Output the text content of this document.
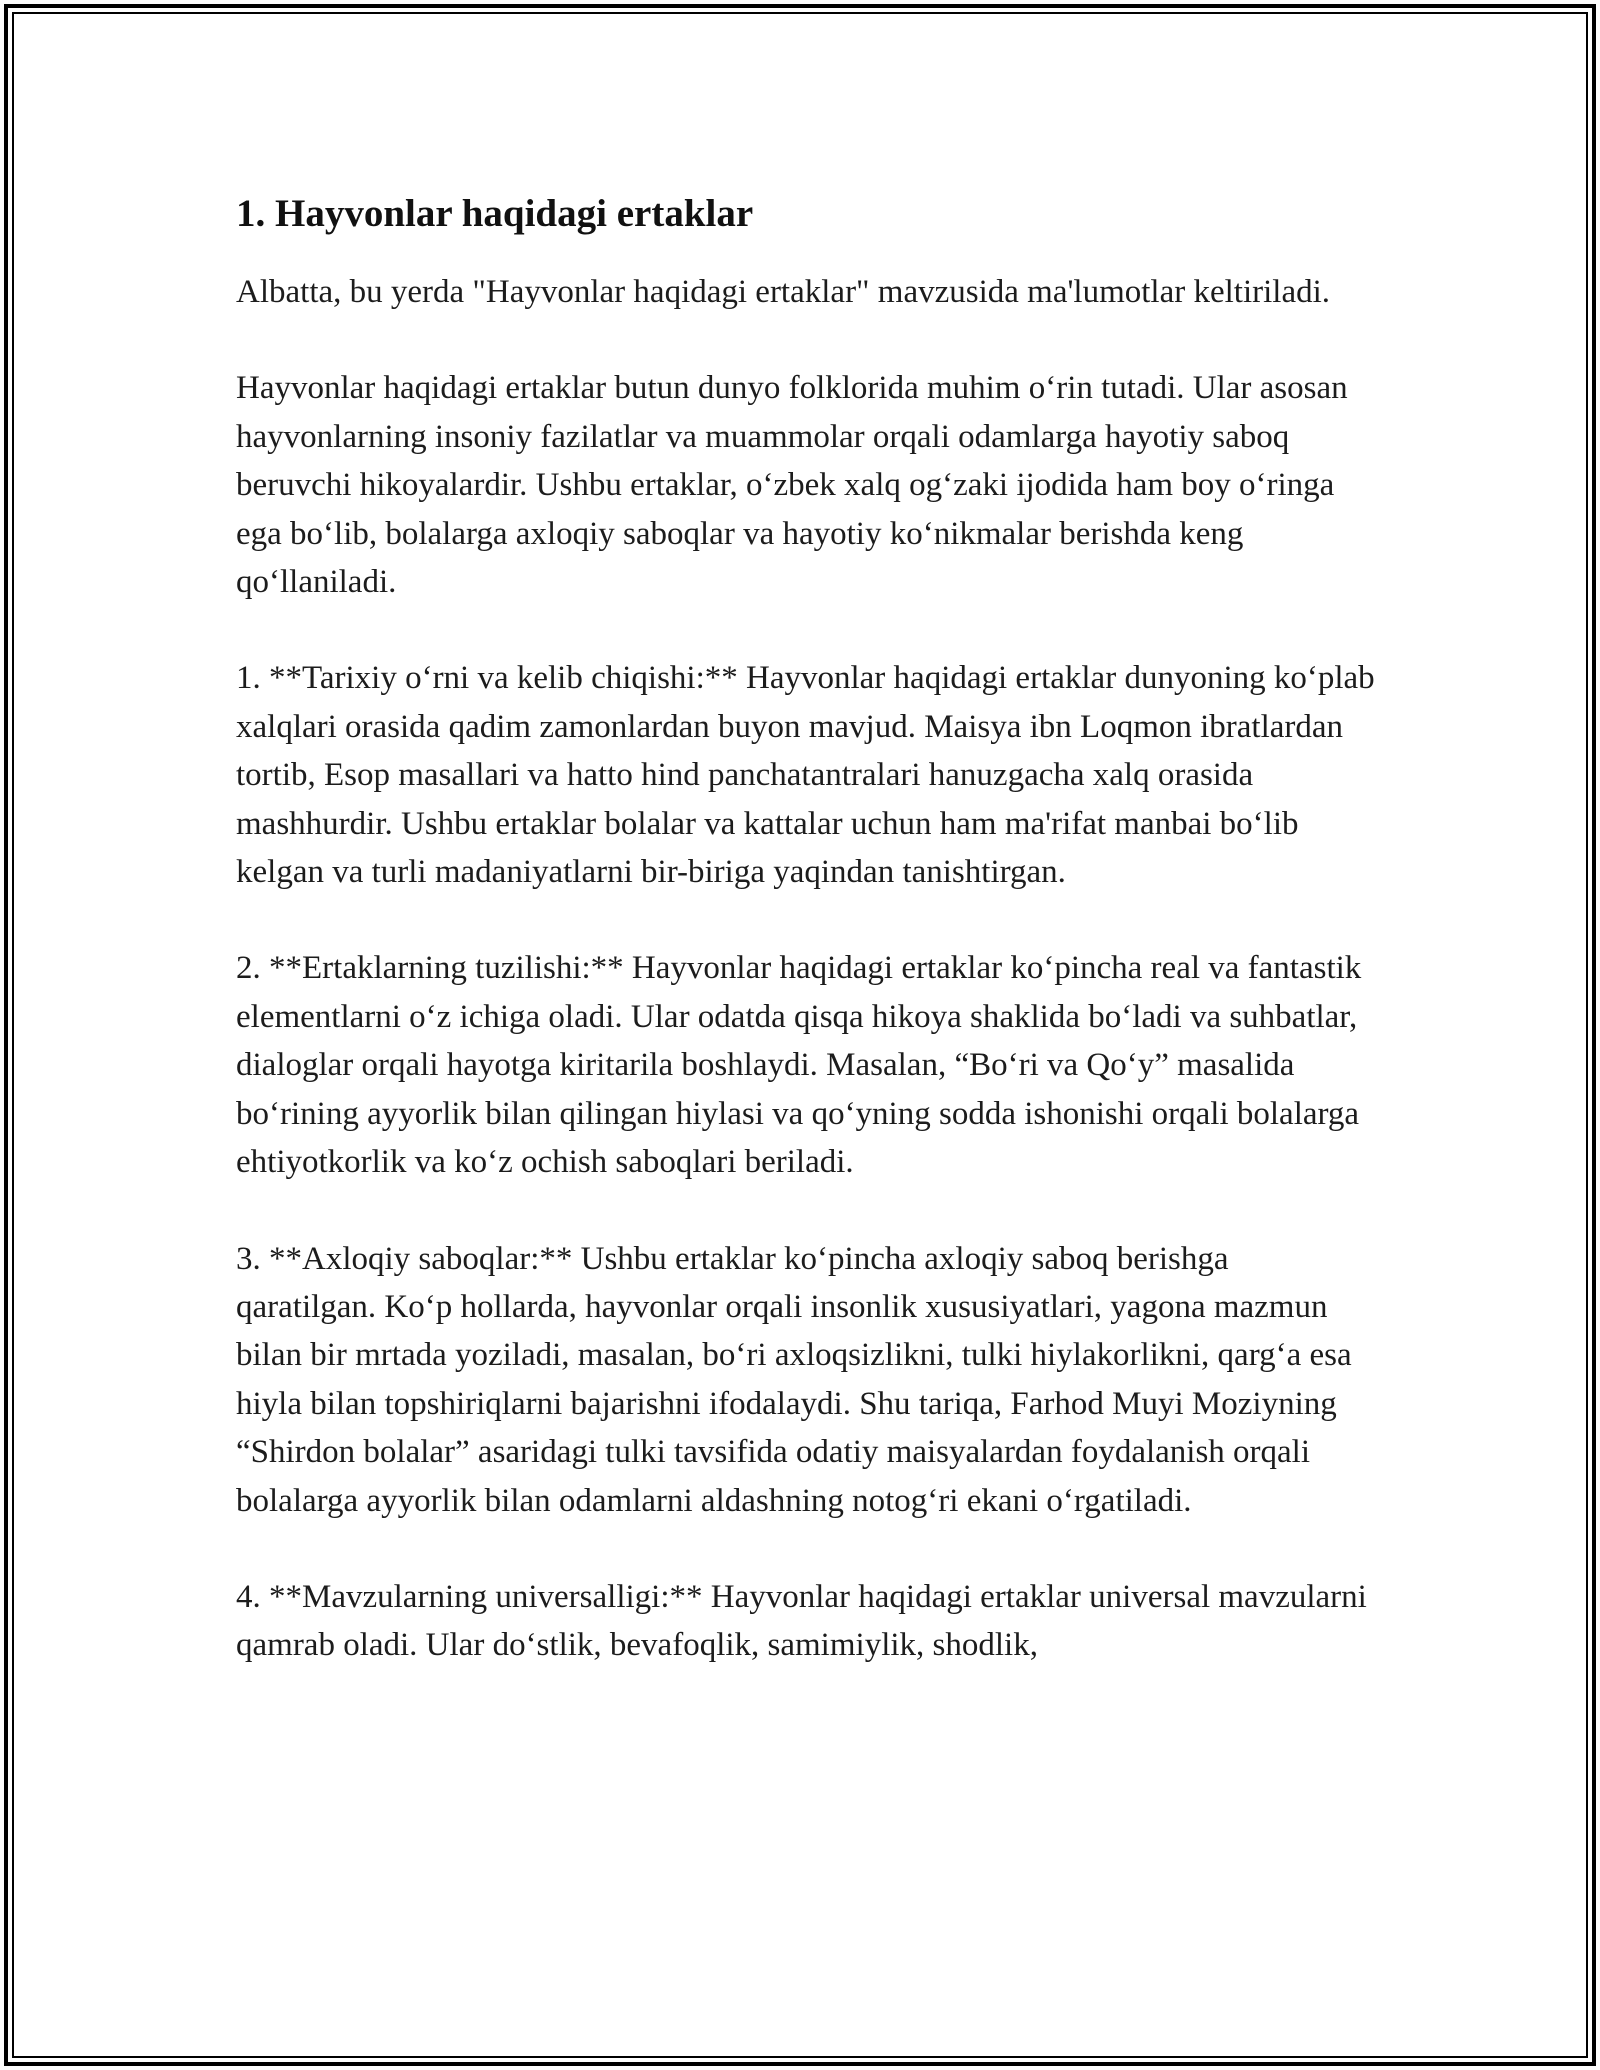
1. Hayvonlar haqidagi ertaklar

Albatta, bu yerda "Hayvonlar haqidagi ertaklar" mavzusida ma'lumotlar keltiriladi.

Hayvonlar haqidagi ertaklar butun dunyo folklorida muhim o‘rin tutadi. Ular asosan hayvonlarning insoniy fazilatlar va muammolar orqali odamlarga hayotiy saboq beruvchi hikoyalardir. Ushbu ertaklar, o‘zbek xalq og‘zaki ijodida ham boy o‘ringa ega bo‘lib, bolalarga axloqiy saboqlar va hayotiy ko‘nikmalar berishda keng qo‘llaniladi.

1. **Tarixiy o‘rni va kelib chiqishi:** Hayvonlar haqidagi ertaklar dunyoning ko‘plab xalqlari orasida qadim zamonlardan buyon mavjud. Maisya ibn Loqmon ibratlardan tortib, Esop masallari va hatto hind panchatantralari hanuzgacha xalq orasida mashhurdir. Ushbu ertaklar bolalar va kattalar uchun ham ma'rifat manbai bo‘lib kelgan va turli madaniyatlarni bir-biriga yaqindan tanishtirgan.

2. **Ertaklarning tuzilishi:** Hayvonlar haqidagi ertaklar ko‘pincha real va fantastik elementlarni o‘z ichiga oladi. Ular odatda qisqa hikoya shaklida bo‘ladi va suhbatlar, dialoglar orqali hayotga kiritarila boshlaydi. Masalan, “Bo‘ri va Qo‘y” masalida bo‘rining ayyorlik bilan qilingan hiylasi va qo‘yning sodda ishonishi orqali bolalarga ehtiyotkorlik va ko‘z ochish saboqlari beriladi.

3. **Axloqiy saboqlar:** Ushbu ertaklar ko‘pincha axloqiy saboq berishga qaratilgan. Ko‘p hollarda, hayvonlar orqali insonlik xususiyatlari, yagona mazmun bilan bir mrtada yoziladi, masalan, bo‘ri axloqsizlikni, tulki hiylakorlikni, qarg‘a esa hiyla bilan topshiriqlarni bajarishni ifodalaydi. Shu tariqa, Farhod Muyi Moziyning “Shirdon bolalar” asaridagi tulki tavsifida odatiy maisyalardan foydalanish orqali bolalarga ayyorlik bilan odamlarni aldashning notog‘ri ekani o‘rgatiladi.

4. **Mavzularning universalligi:** Hayvonlar haqidagi ertaklar universal mavzularni qamrab oladi. Ular do‘stlik, bevafoqlik, samimiylik, shodlik,
